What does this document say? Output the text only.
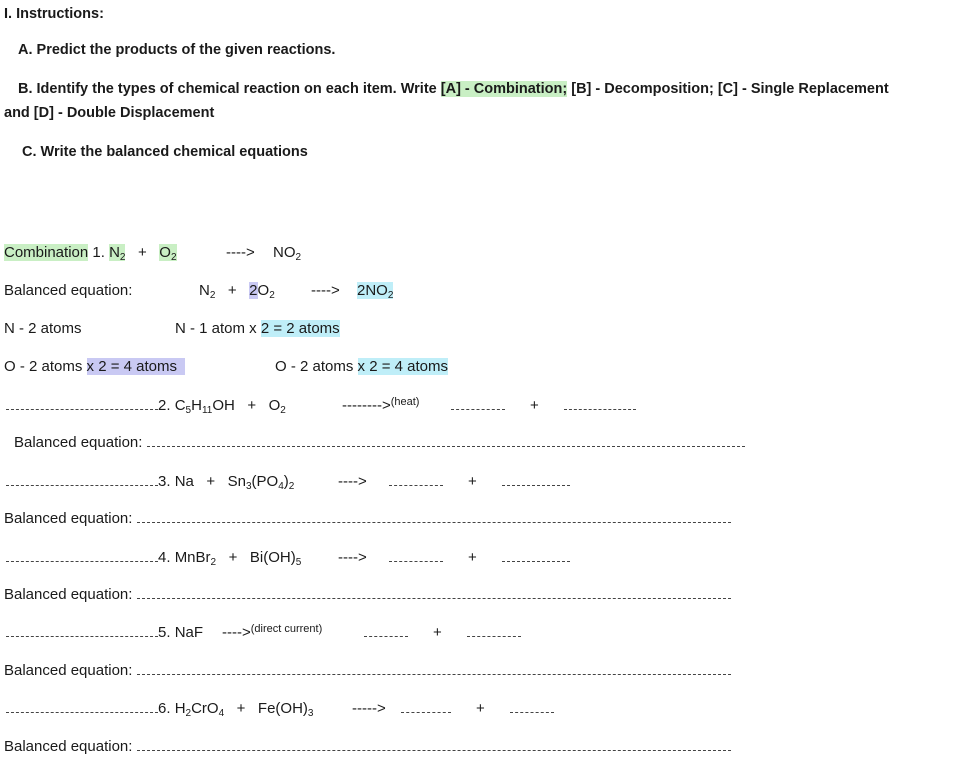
I. Instructions:
A. Predict the products of the given reactions.
B. Identify the types of chemical reaction on each item. Write [A] - Combination; [B] - Decomposition; [C] - Single Replacement
and [D] - Double Displacement
C. Write the balanced chemical equations
Combination 1. $N_2 + O_2$	----> $NO_2$
Balanced equation:	$N_2 + 2O_2$ ----> $2NO_2$
N - 2 atoms	N - 1 atom x 2 = 2 atoms
O - 2 atoms x 2 = 4 atoms	O - 2 atoms x 2 = 4 atoms
2. $C_5H_{11}OH + O_2$	-------->$^{(heat)}$	+
Balanced equation:
3. $Na + Sn_3(PO_4)_2$	---->	+
Balanced equation:
4. MnBr$_2$   +   $Bi(OH)_5$ ---->	+
Balanced equation:
5. NaF ---->$^{(direct current)}$	+
Balanced equation:
6. $H_2CrO_4 + Fe(OH)_3$	----->	+
Balanced equation:
